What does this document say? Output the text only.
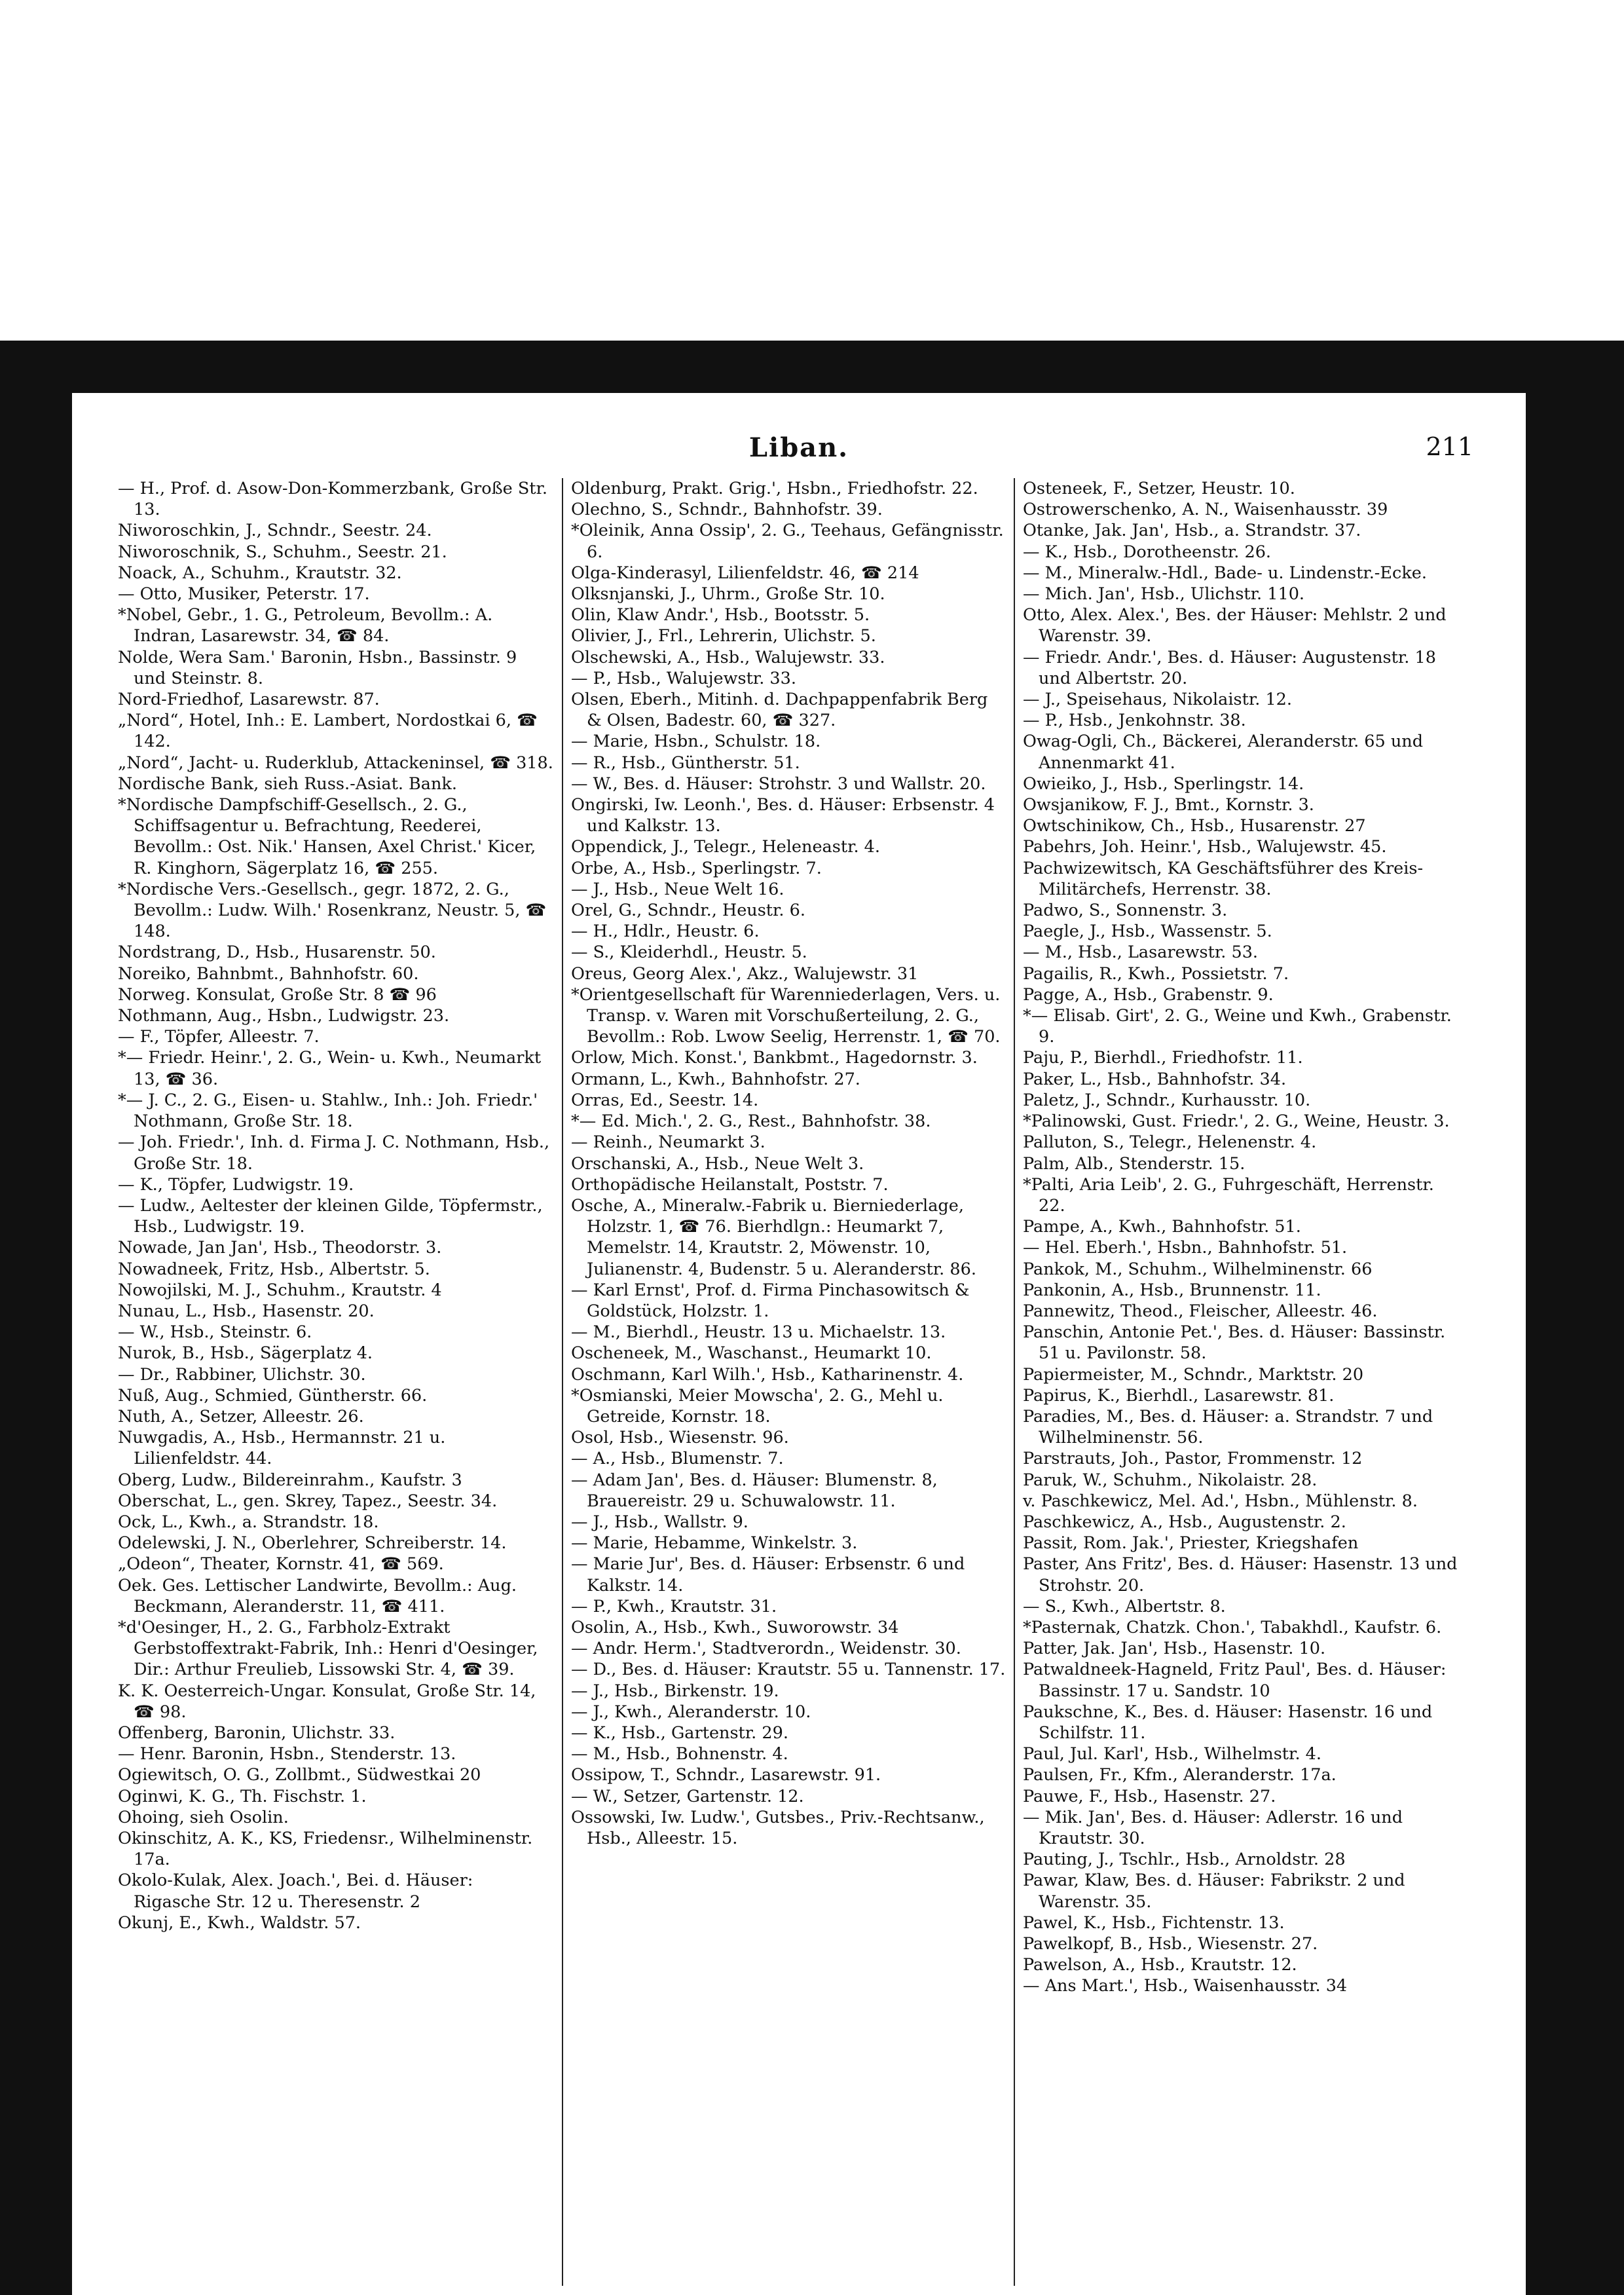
Liban.	211

— H., Prof. d. Asow-Don-Kommerzbank, Große Str. 13.

Niworoschkin, J., Schndr., Seestr. 24.

Niworoschnik, S., Schuhm., Seestr. 21.

Noack, A., Schuhm., Krautstr. 32.

— Otto, Musiker, Peterstr. 17.

*Nobel, Gebr., 1. G., Petroleum, Bevollm.: A. Indran, Lasarewstr. 34, ☎ 84.

Nolde, Wera Sam.' Baronin, Hsbn., Bassinstr. 9 und Steinstr. 8.

Nord-Friedhof, Lasarewstr. 87.

„Nord“, Hotel, Inh.: E. Lambert, Nordostkai 6, ☎ 142.

„Nord“, Jacht- u. Ruderklub, Attackeninsel, ☎ 318.

Nordische Bank, sieh Russ.-Asiat. Bank.

*Nordische Dampfschiff-Gesellsch., 2. G., Schiffsagentur u. Befrachtung, Reederei, Bevollm.: Ost. Nik.' Hansen, Axel Christ.' Kicer, R. Kinghorn, Sägerplatz 16, ☎ 255.

*Nordische Vers.-Gesellsch., gegr. 1872, 2. G., Bevollm.: Ludw. Wilh.' Rosenkranz, Neustr. 5, ☎ 148.

Nordstrang, D., Hsb., Husarenstr. 50.

Noreiko, Bahnbmt., Bahnhofstr. 60.

Norweg. Konsulat, Große Str. 8 ☎ 96

Nothmann, Aug., Hsbn., Ludwigstr. 23.

— F., Töpfer, Alleestr. 7.

*— Friedr. Heinr.', 2. G., Wein- u. Kwh., Neumarkt 13, ☎ 36.

*— J. C., 2. G., Eisen- u. Stahlw., Inh.: Joh. Friedr.' Nothmann, Große Str. 18.

— Joh. Friedr.', Inh. d. Firma J. C. Nothmann, Hsb., Große Str. 18.

— K., Töpfer, Ludwigstr. 19.

— Ludw., Aeltester der kleinen Gilde, Töpfermstr., Hsb., Ludwigstr. 19.

Nowade, Jan Jan', Hsb., Theodorstr. 3.

Nowadneek, Fritz, Hsb., Albertstr. 5.

Nowojilski, M. J., Schuhm., Krautstr. 4

Nunau, L., Hsb., Hasenstr. 20.

— W., Hsb., Steinstr. 6.

Nurok, B., Hsb., Sägerplatz 4.

— Dr., Rabbiner, Ulichstr. 30.

Nuß, Aug., Schmied, Güntherstr. 66.

Nuth, A., Setzer, Alleestr. 26.

Nuwgadis, A., Hsb., Hermannstr. 21 u. Lilienfeldstr. 44.

Oberg, Ludw., Bildereinrahm., Kaufstr. 3

Oberschat, L., gen. Skrey, Tapez., Seestr. 34.

Ock, L., Kwh., a. Strandstr. 18.

Odelewski, J. N., Oberlehrer, Schreiberstr. 14.

„Odeon“, Theater, Kornstr. 41, ☎ 569.

Oek. Ges. Lettischer Landwirte, Bevollm.: Aug. Beckmann, Aleranderstr. 11, ☎ 411.

*d'Oesinger, H., 2. G., Farbholz-Extrakt Gerbstoffextrakt-Fabrik, Inh.: Henri d'Oesinger, Dir.: Arthur Freulieb, Lissowski Str. 4, ☎ 39.

K. K. Oesterreich-Ungar. Konsulat, Große Str. 14, ☎ 98.

Offenberg, Baronin, Ulichstr. 33.

— Henr. Baronin, Hsbn., Stenderstr. 13.

Ogiewitsch, O. G., Zollbmt., Südwestkai 20

Oginwi, K. G., Th. Fischstr. 1.

Ohoing, sieh Osolin.

Okinschitz, A. K., KS, Friedensr., Wilhelminenstr. 17a.

Okolo-Kulak, Alex. Joach.', Bei. d. Häuser: Rigasche Str. 12 u. Theresenstr. 2

Okunj, E., Kwh., Waldstr. 57.

Oldenburg, Prakt. Grig.', Hsbn., Friedhofstr. 22.

Olechno, S., Schndr., Bahnhofstr. 39.

*Oleinik, Anna Ossip', 2. G., Teehaus, Gefängnisstr. 6.

Olga-Kinderasyl, Lilienfeldstr. 46, ☎ 214

Olksnjanski, J., Uhrm., Große Str. 10.

Olin, Klaw Andr.', Hsb., Bootsstr. 5.

Olivier, J., Frl., Lehrerin, Ulichstr. 5.

Olschewski, A., Hsb., Walujewstr. 33.

— P., Hsb., Walujewstr. 33.

Olsen, Eberh., Mitinh. d. Dachpappenfabrik Berg & Olsen, Badestr. 60, ☎ 327.

— Marie, Hsbn., Schulstr. 18.

— R., Hsb., Güntherstr. 51.

— W., Bes. d. Häuser: Strohstr. 3 und Wallstr. 20.

Ongirski, Iw. Leonh.', Bes. d. Häuser: Erbsenstr. 4 und Kalkstr. 13.

Oppendick, J., Telegr., Heleneastr. 4.

Orbe, A., Hsb., Sperlingstr. 7.

— J., Hsb., Neue Welt 16.

Orel, G., Schndr., Heustr. 6.

— H., Hdlr., Heustr. 6.

— S., Kleiderhdl., Heustr. 5.

Oreus, Georg Alex.', Akz., Walujewstr. 31

*Orientgesellschaft für Warenniederlagen, Vers. u. Transp. v. Waren mit Vorschußerteilung, 2. G., Bevollm.: Rob. Lwow Seelig, Herrenstr. 1, ☎ 70.

Orlow, Mich. Konst.', Bankbmt., Hagedornstr. 3.

Ormann, L., Kwh., Bahnhofstr. 27.

Orras, Ed., Seestr. 14.

*— Ed. Mich.', 2. G., Rest., Bahnhofstr. 38.

— Reinh., Neumarkt 3.

Orschanski, A., Hsb., Neue Welt 3.

Orthopädische Heilanstalt, Poststr. 7.

Osche, A., Mineralw.-Fabrik u. Bierniederlage, Holzstr. 1, ☎ 76. Bierhdlgn.: Heumarkt 7, Memelstr. 14, Krautstr. 2, Möwenstr. 10, Julianenstr. 4, Budenstr. 5 u. Aleranderstr. 86.

— Karl Ernst', Prof. d. Firma Pinchasowitsch & Goldstück, Holzstr. 1.

— M., Bierhdl., Heustr. 13 u. Michaelstr. 13.

Oscheneek, M., Waschanst., Heumarkt 10.

Oschmann, Karl Wilh.', Hsb., Katharinenstr. 4.

*Osmianski, Meier Mowscha', 2. G., Mehl u. Getreide, Kornstr. 18.

Osol, Hsb., Wiesenstr. 96.

— A., Hsb., Blumenstr. 7.

— Adam Jan', Bes. d. Häuser: Blumenstr. 8, Brauereistr. 29 u. Schuwalowstr. 11.

— J., Hsb., Wallstr. 9.

— Marie, Hebamme, Winkelstr. 3.

— Marie Jur', Bes. d. Häuser: Erbsenstr. 6 und Kalkstr. 14.

— P., Kwh., Krautstr. 31.

Osolin, A., Hsb., Kwh., Suworowstr. 34

— Andr. Herm.', Stadtverordn., Weidenstr. 30.

— D., Bes. d. Häuser: Krautstr. 55 u. Tannenstr. 17.

— J., Hsb., Birkenstr. 19.

— J., Kwh., Aleranderstr. 10.

— K., Hsb., Gartenstr. 29.

— M., Hsb., Bohnenstr. 4.

Ossipow, T., Schndr., Lasarewstr. 91.

— W., Setzer, Gartenstr. 12.

Ossowski, Iw. Ludw.', Gutsbes., Priv.-Rechtsanw., Hsb., Alleestr. 15.

Osteneek, F., Setzer, Heustr. 10.

Ostrowerschenko, A. N., Waisenhausstr. 39

Otanke, Jak. Jan', Hsb., a. Strandstr. 37.

— K., Hsb., Dorotheenstr. 26.

— M., Mineralw.-Hdl., Bade- u. Lindenstr.-Ecke.

— Mich. Jan', Hsb., Ulichstr. 110.

Otto, Alex. Alex.', Bes. der Häuser: Mehlstr. 2 und Warenstr. 39.

— Friedr. Andr.', Bes. d. Häuser: Augustenstr. 18 und Albertstr. 20.

— J., Speisehaus, Nikolaistr. 12.

— P., Hsb., Jenkohnstr. 38.

Owag-Ogli, Ch., Bäckerei, Aleranderstr. 65 und Annenmarkt 41.

Owieiko, J., Hsb., Sperlingstr. 14.

Owsjanikow, F. J., Bmt., Kornstr. 3.

Owtschinikow, Ch., Hsb., Husarenstr. 27

Pabehrs, Joh. Heinr.', Hsb., Walujewstr. 45.

Pachwizewitsch, KA Geschäftsführer des Kreis-Militärchefs, Herrenstr. 38.

Padwo, S., Sonnenstr. 3.

Paegle, J., Hsb., Wassenstr. 5.

— M., Hsb., Lasarewstr. 53.

Pagailis, R., Kwh., Possietstr. 7.

Pagge, A., Hsb., Grabenstr. 9.

*— Elisab. Girt', 2. G., Weine und Kwh., Grabenstr. 9.

Paju, P., Bierhdl., Friedhofstr. 11.

Paker, L., Hsb., Bahnhofstr. 34.

Paletz, J., Schndr., Kurhausstr. 10.

*Palinowski, Gust. Friedr.', 2. G., Weine, Heustr. 3.

Palluton, S., Telegr., Helenenstr. 4.

Palm, Alb., Stenderstr. 15.

*Palti, Aria Leib', 2. G., Fuhrgeschäft, Herrenstr. 22.

Pampe, A., Kwh., Bahnhofstr. 51.

— Hel. Eberh.', Hsbn., Bahnhofstr. 51.

Pankok, M., Schuhm., Wilhelminenstr. 66

Pankonin, A., Hsb., Brunnenstr. 11.

Pannewitz, Theod., Fleischer, Alleestr. 46.

Panschin, Antonie Pet.', Bes. d. Häuser: Bassinstr. 51 u. Pavilonstr. 58.

Papiermeister, M., Schndr., Marktstr. 20

Papirus, K., Bierhdl., Lasarewstr. 81.

Paradies, M., Bes. d. Häuser: a. Strandstr. 7 und Wilhelminenstr. 56.

Parstrauts, Joh., Pastor, Frommenstr. 12

Paruk, W., Schuhm., Nikolaistr. 28.

v. Paschkewicz, Mel. Ad.', Hsbn., Mühlenstr. 8.

Paschkewicz, A., Hsb., Augustenstr. 2.

Passit, Rom. Jak.', Priester, Kriegshafen

Paster, Ans Fritz', Bes. d. Häuser: Hasenstr. 13 und Strohstr. 20.

— S., Kwh., Albertstr. 8.

*Pasternak, Chatzk. Chon.', Tabakhdl., Kaufstr. 6.

Patter, Jak. Jan', Hsb., Hasenstr. 10.

Patwaldneek-Hagneld, Fritz Paul', Bes. d. Häuser: Bassinstr. 17 u. Sandstr. 10

Paukschne, K., Bes. d. Häuser: Hasenstr. 16 und Schilfstr. 11.

Paul, Jul. Karl', Hsb., Wilhelmstr. 4.

Paulsen, Fr., Kfm., Aleranderstr. 17a.

Pauwe, F., Hsb., Hasenstr. 27.

— Mik. Jan', Bes. d. Häuser: Adlerstr. 16 und Krautstr. 30.

Pauting, J., Tschlr., Hsb., Arnoldstr. 28

Pawar, Klaw, Bes. d. Häuser: Fabrikstr. 2 und Warenstr. 35.

Pawel, K., Hsb., Fichtenstr. 13.

Pawelkopf, B., Hsb., Wiesenstr. 27.

Pawelson, A., Hsb., Krautstr. 12.

— Ans Mart.', Hsb., Waisenhausstr. 34
